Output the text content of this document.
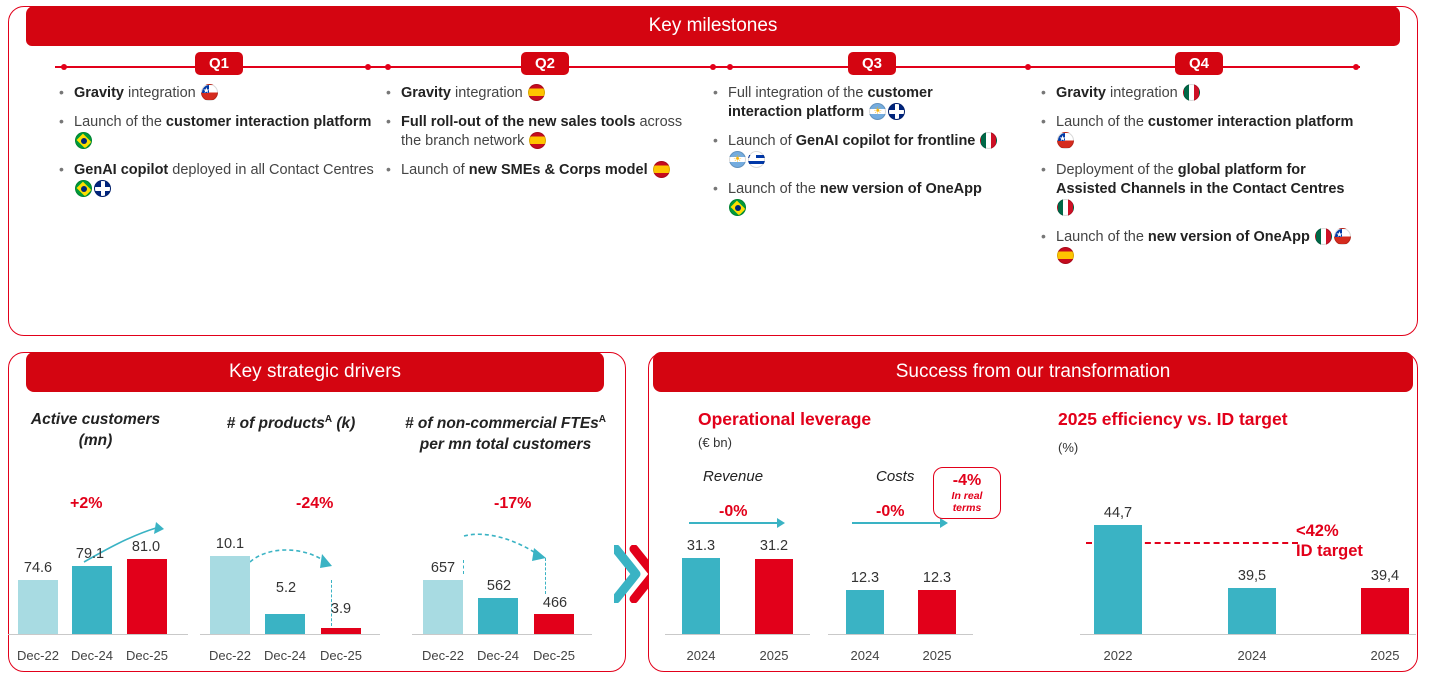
Key milestones
Q1	Q2	Q3	Q4
• Gravity integration ★
• Launch of the customer interaction platform
• GenAI copilot deployed in all Contact Centres
• Gravity integration
• Full roll-out of the new sales tools across the branch network
• Launch of new SMEs & Corps model
• Full integration of the customer interaction platform ☀
• Launch of GenAI copilot for frontline ☀
• Launch of the new version of OneApp
• Gravity integration
• Launch of the customer interaction platform ★
• Deployment of the global platform for Assisted Channels in the Contact Centres
• Launch of the new version of OneApp ★
Key strategic drivers
Active customers (mn)
+2%
74.6
79.1	81.0
Dec-22 Dec-24	Dec-25
# of products$^A$ (k)
-24%
10.1
5.2
3.9
Dec-22	Dec-24	Dec-25
# of non-commercial FTEs$^A$ per mn total customers
-17%
657
562
466
Dec-22	Dec-24	Dec-25
Success from our transformation
Operational leverage
(€ bn)
Revenue
-0%
Costs
-0%
-4%
In real terms
31.3	31.2
2024	2025
12.3	12.3
2024	2025
2025 efficiency vs. ID target
(%)
<42%
ID target
44,7
39,5	39,4
2022	2024	2025
